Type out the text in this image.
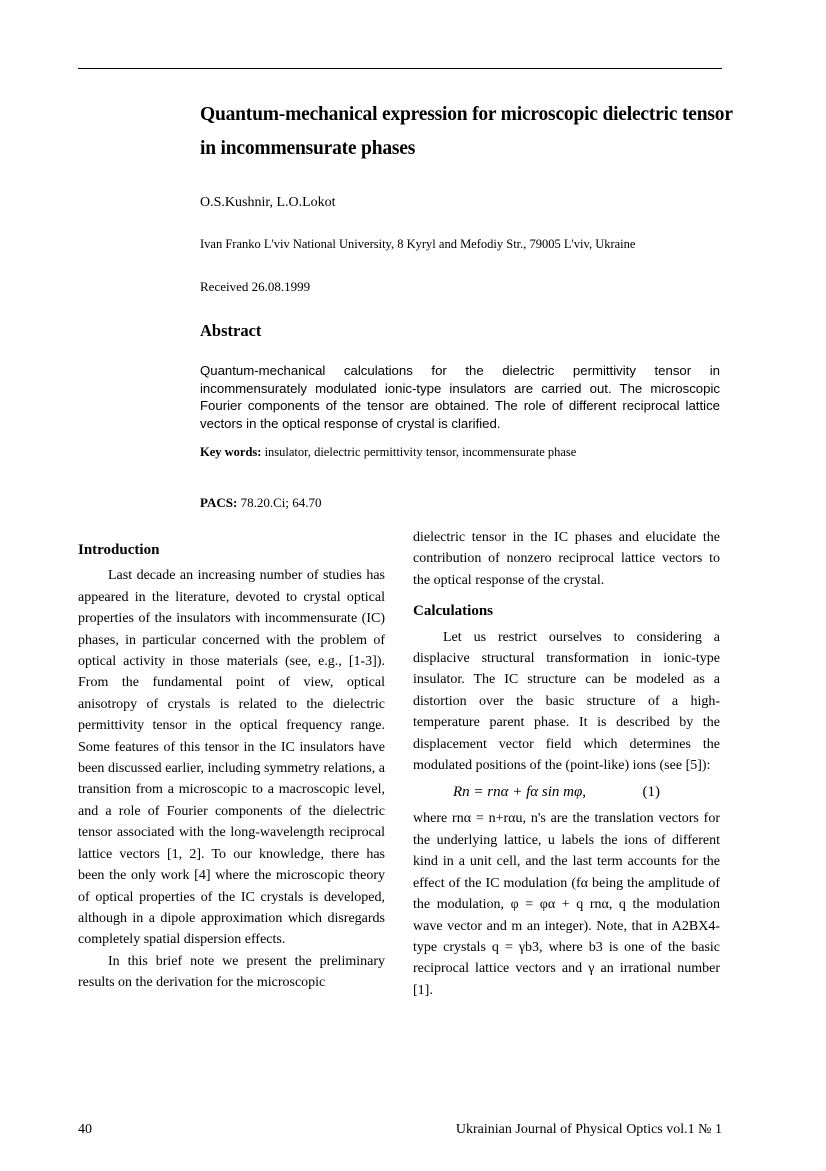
Quantum-mechanical expression for microscopic dielectric tensor in incommensurate phases
O.S.Kushnir, L.O.Lokot
Ivan Franko L'viv National University, 8 Kyryl and Mefodiy Str., 79005 L'viv, Ukraine
Received 26.08.1999
Abstract
Quantum-mechanical calculations for the dielectric permittivity tensor in incommensurately modulated ionic-type insulators are carried out. The microscopic Fourier components of the tensor are obtained. The role of different reciprocal lattice vectors in the optical response of crystal is clarified.
Key words: insulator, dielectric permittivity tensor, incommensurate phase
PACS: 78.20.Ci; 64.70
Introduction

Last decade an increasing number of studies has appeared in the literature, devoted to crystal optical properties of the insulators with incommensurate (IC) phases, in particular concerned with the problem of optical activity in those materials (see, e.g., [1-3]). From the fundamental point of view, optical anisotropy of crystals is related to the dielectric permittivity tensor in the optical frequency range. Some features of this tensor in the IC insulators have been discussed earlier, including symmetry relations, a transition from a microscopic to a macroscopic level, and a role of Fourier components of the dielectric tensor associated with the long-wavelength reciprocal lattice vectors [1, 2]. To our knowledge, there has been the only work [4] where the microscopic theory of optical properties of the IC crystals is developed, although in a dipole approximation which disregards completely spatial dispersion effects.

In this brief note we present the preliminary results on the derivation for the microscopic

dielectric tensor in the IC phases and elucidate the contribution of nonzero reciprocal lattice vectors to the optical response of the crystal.

Calculations

Let us restrict ourselves to considering a displacive structural transformation in ionic-type insulator. The IC structure can be modeled as a distortion over the basic structure of a high-temperature parent phase. It is described by the displacement vector field which determines the modulated positions of the (point-like) ions (see [5]):

Rn = rnα + fα sin mφ,	(1)

where rnα = n+rαu, n's are the translation vectors for the underlying lattice, u labels the ions of different kind in a unit cell, and the last term accounts for the effect of the IC modulation (fα being the amplitude of the modulation, φ = φα + q rnα, q the modulation wave vector and m an integer). Note, that in A2BX4-type crystals q = γb3, where b3 is one of the basic reciprocal lattice vectors and γ an irrational number [1].

40	Ukrainian Journal of Physical Optics vol.1 № 1
